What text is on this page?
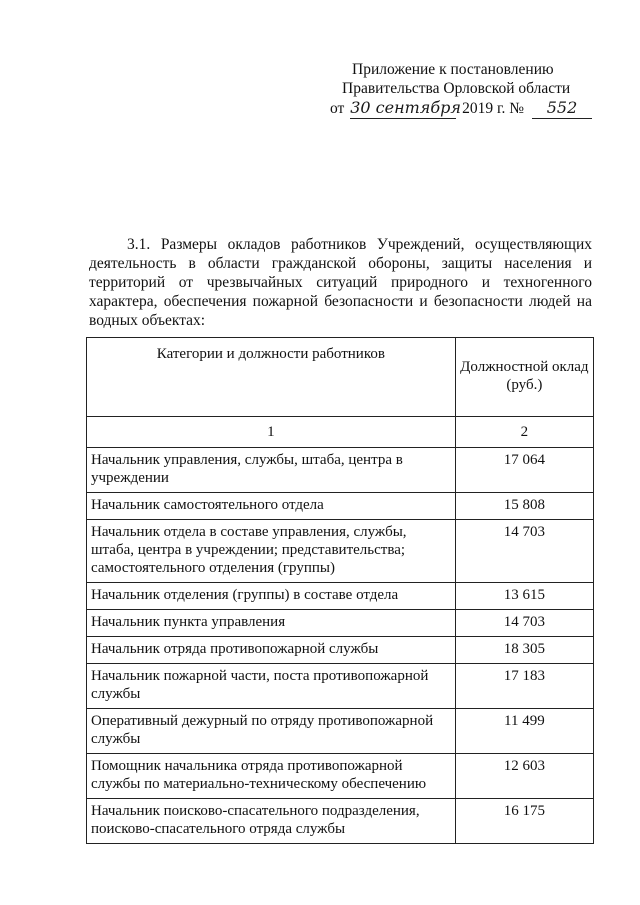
Приложение к постановлению
Правительства Орловской области
от 30 сентября 2019 г. № 552
3.1. Размеры окладов работников Учреждений, осуществляющих деятельность в области гражданской обороны, защиты населения и территорий от чрезвычайных ситуаций природного и техногенного характера, обеспечения пожарной безопасности и безопасности людей на водных объектах:
Категории и должности работников	Должностной оклад (руб.)
1	2
Начальник управления, службы, штаба, центра в учреждении	17 064
Начальник самостоятельного отдела	15 808
Начальник отдела в составе управления, службы, штаба, центра в учреждении; представительства; самостоятельного отделения (группы)	14 703
Начальник отделения (группы) в составе отдела	13 615
Начальник пункта управления	14 703
Начальник отряда противопожарной службы	18 305
Начальник пожарной части, поста противопожарной службы	17 183
Оперативный дежурный по отряду противопожарной службы	11 499
Помощник начальника отряда противопожарной службы по материально-техническому обеспечению	12 603
Начальник поисково-спасательного подразделения, поисково-спасательного отряда службы	16 175
